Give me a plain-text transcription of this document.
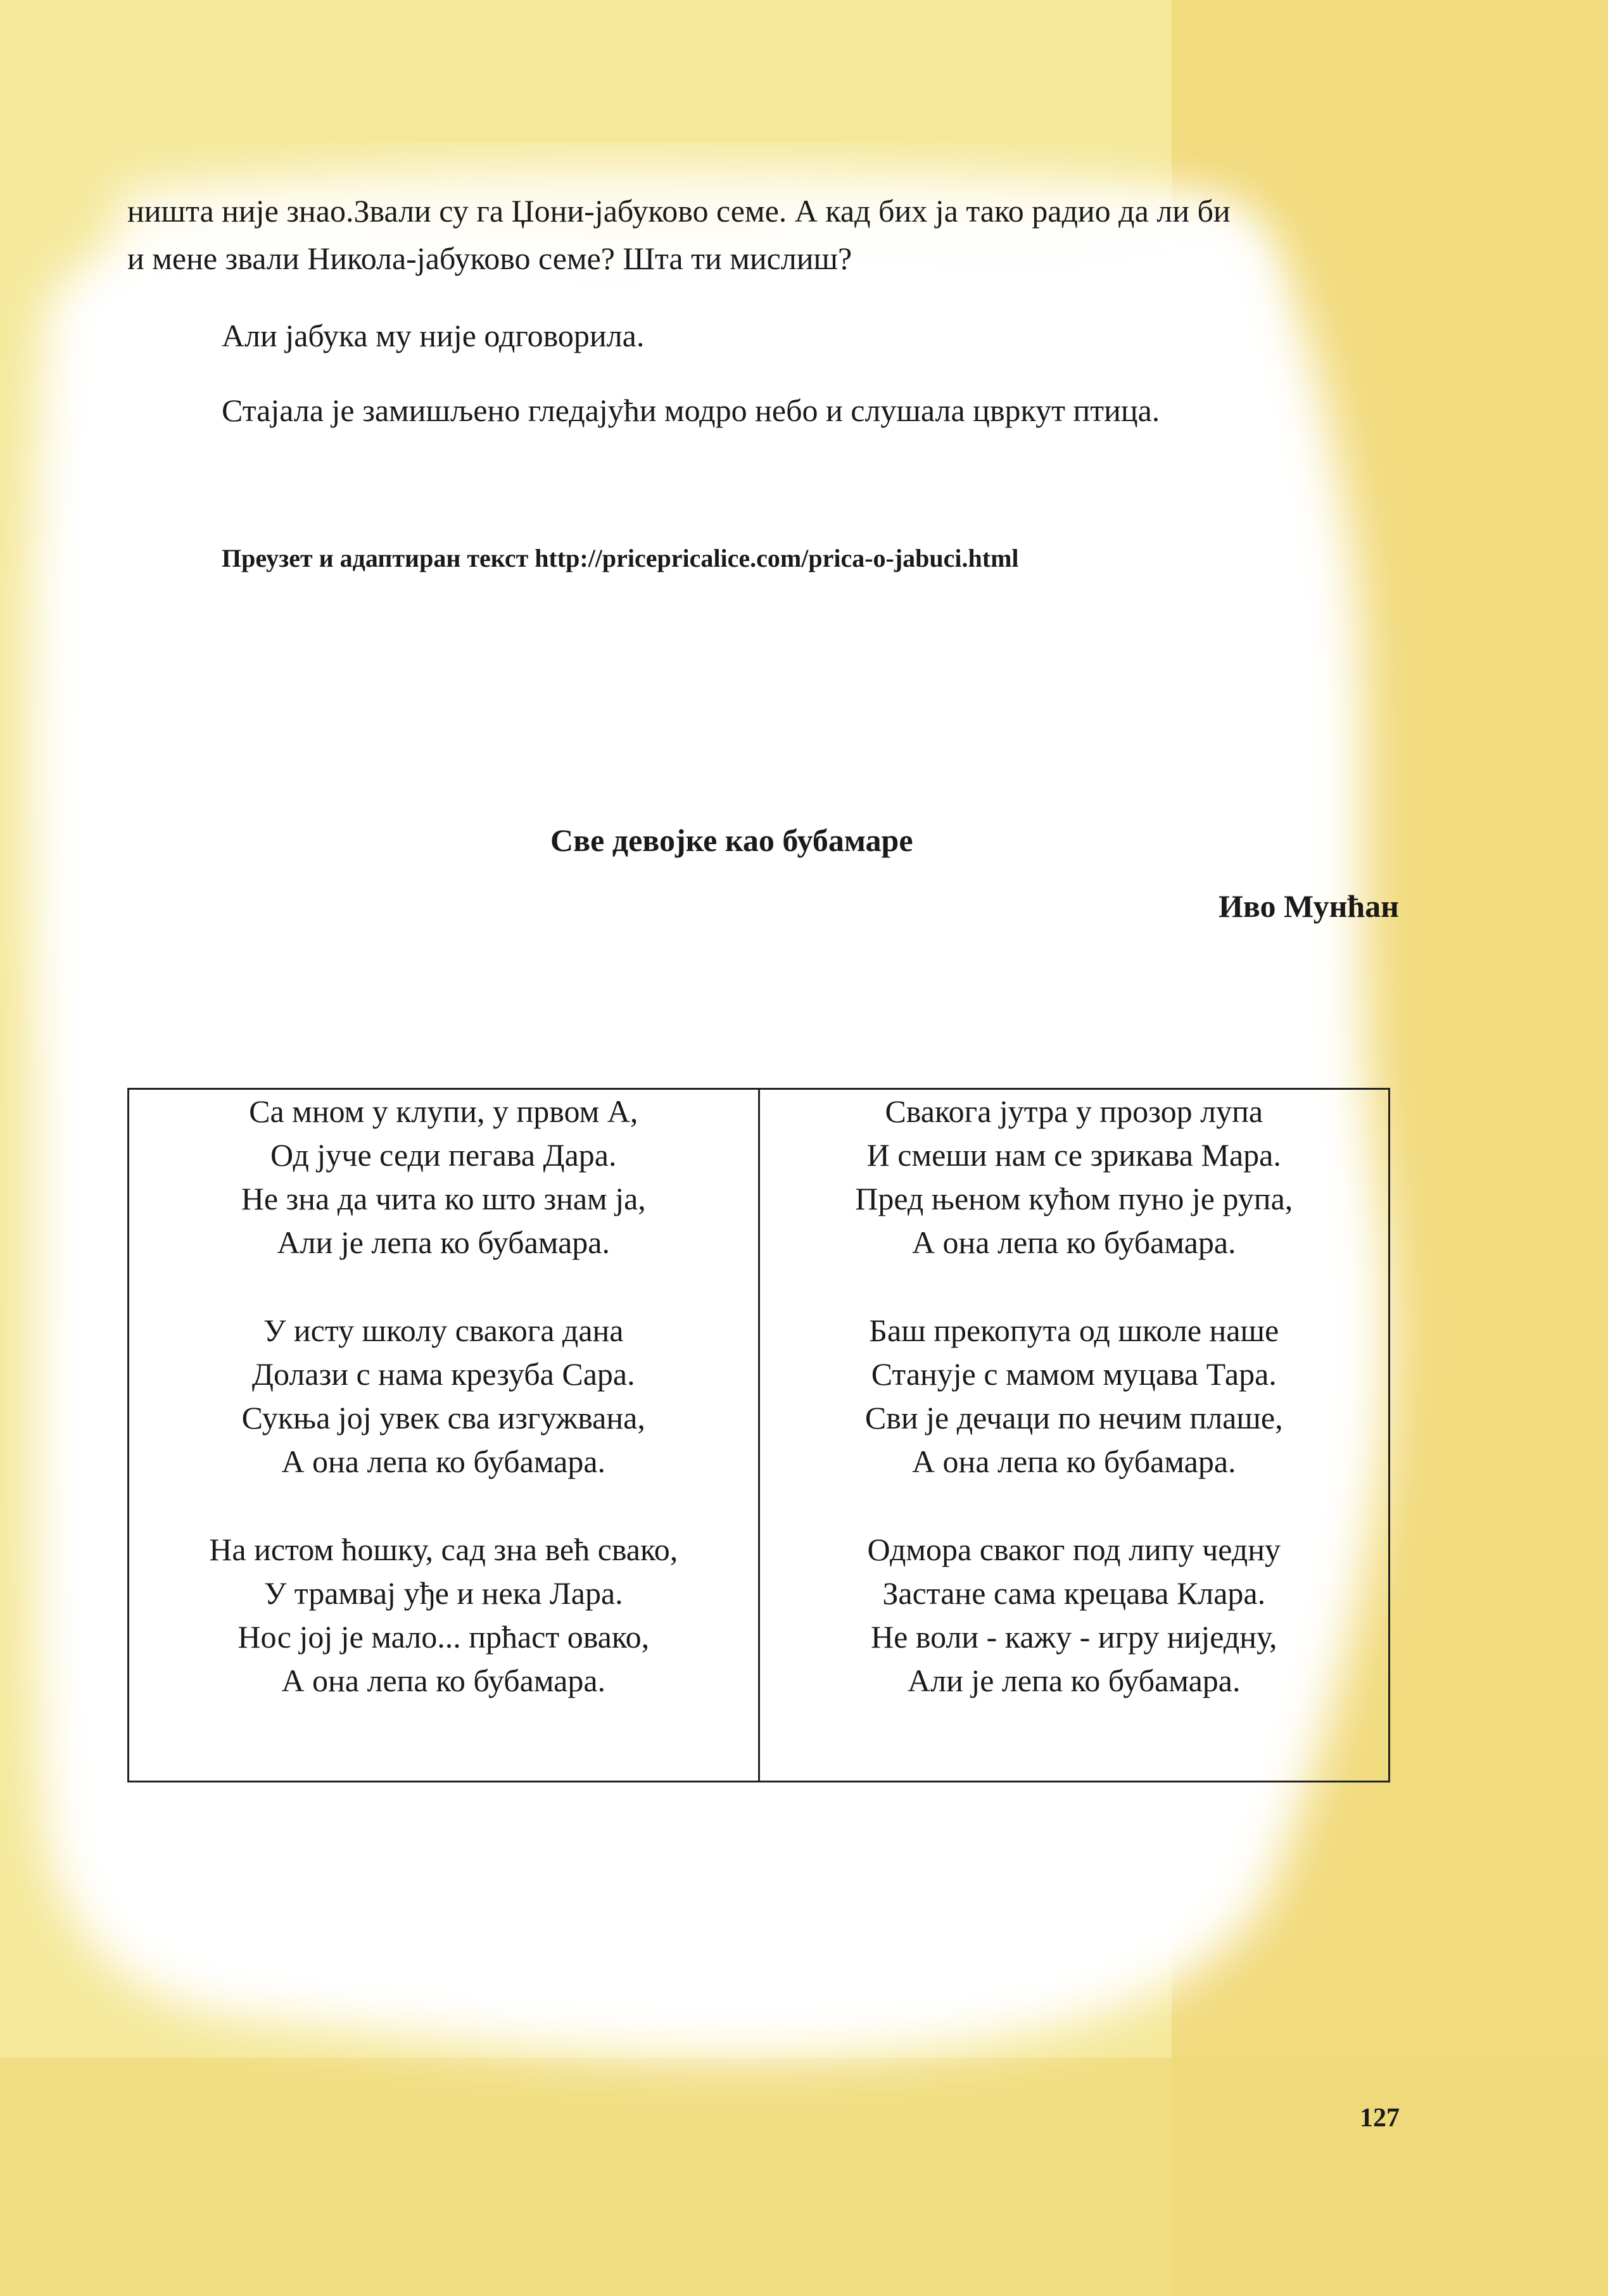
ништа није знао.Звали су га Џони-јабуково семе. А кад бих ја тако радио да ли би

и мене звали Никола-јабуково семе? Шта ти мислиш?

Али јабука му није одговорила.

Стајала је замишљено гледајући модро небо и слушала цвркут птица.

Преузет и адаптиран текст http://pricepricalice.com/prica-o-jabuci.html

Све девојке као бубамаре

Иво Мунћан

Са мном у клупи, у првом А,
Од јуче седи пегава Дара.
Не зна да чита ко што знам ја,
Али је лепа ко бубамара.
У исту школу свакога дана
Долази с нама крезуба Сара.
Сукња јој увек сва изгужвана,
А она лепа ко бубамара.
На истом ћошку, сад зна већ свако,
У трамвај уђе и нека Лара.
Нос јој је мало... прћаст овако,
А она лепа ко бубамара.

Свакога јутра у прозор лупа
И смеши нам се зрикава Мара.
Пред њеном кућом пуно је рупа,
А она лепа ко бубамара.
Баш прекопута од школе наше
Станује с мамом муцава Тара.
Сви је дечаци по нечим плаше,
А она лепа ко бубамара.
Одмора сваког под липу чедну
Застане сама крецава Клара.
Не воли - кажу - игру ниједну,
Али је лепа ко бубамара.

127
